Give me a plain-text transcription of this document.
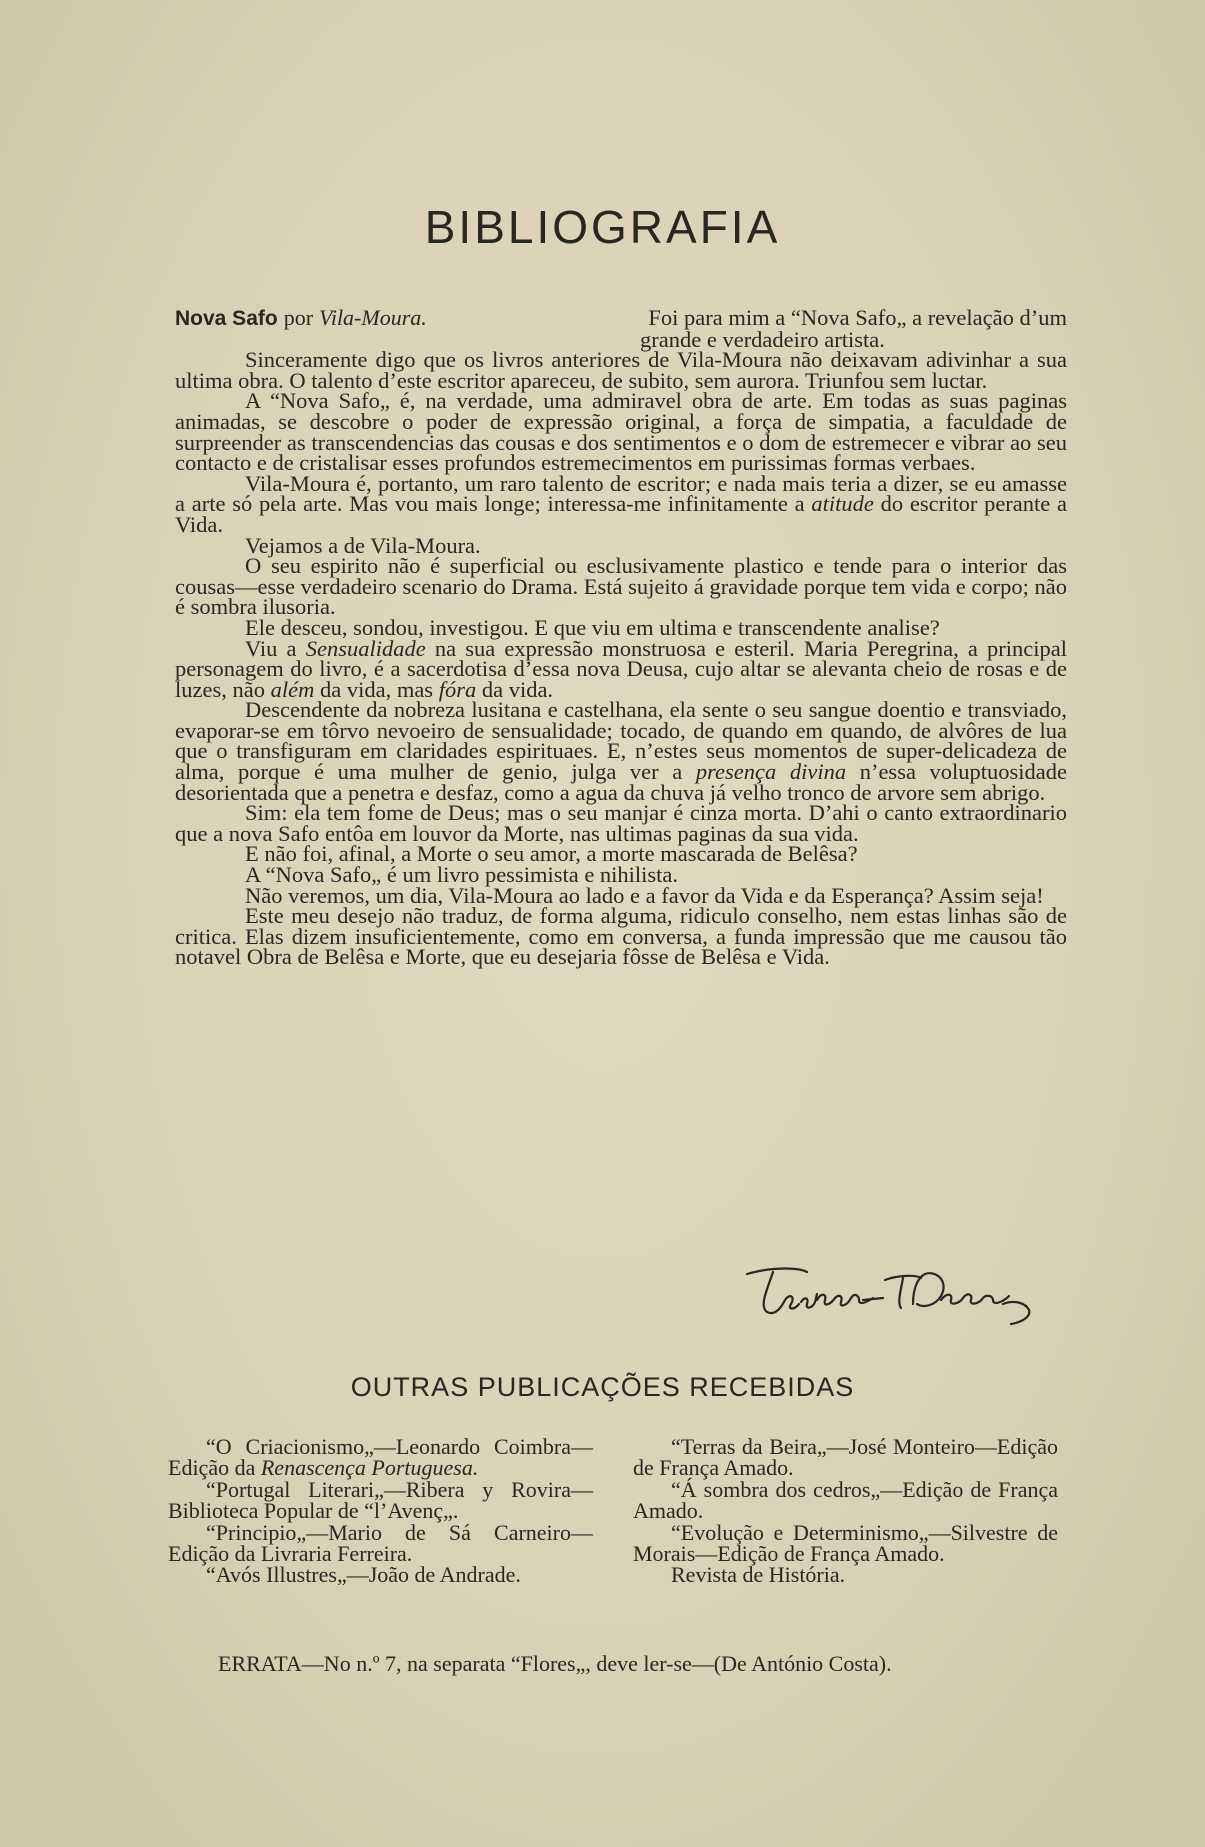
BIBLIOGRAFIA
Nova Safo por Vila-Moura.	Foi para mim a “Nova Safo„ a revelação d’um

grande e verdadeiro artista.

Sinceramente digo que os livros anteriores de Vila-Moura não deixavam adivinhar a sua ultima obra. O talento d’este escritor apareceu, de subito, sem aurora. Triunfou sem luctar.

A “Nova Safo„ é, na verdade, uma admiravel obra de arte. Em todas as suas paginas animadas, se descobre o poder de expressão original, a força de simpatia, a faculdade de surpreender as transcendencias das cousas e dos sentimentos e o dom de estremecer e vibrar ao seu contacto e de cristalisar esses profundos estremecimentos em purissimas formas verbaes.

Vila-Moura é, portanto, um raro talento de escritor; e nada mais teria a dizer, se eu amasse a arte só pela arte. Mas vou mais longe; interessa-me infinitamente a atitude do escritor perante a Vida.

Vejamos a de Vila-Moura.

O seu espirito não é superficial ou esclusivamente plastico e tende para o interior das cousas—esse verdadeiro scenario do Drama. Está sujeito á gravidade porque tem vida e corpo; não é sombra ilusoria.

Ele desceu, sondou, investigou. E que viu em ultima e transcendente analise?

Viu a Sensualidade na sua expressão monstruosa e esteril. Maria Peregrina, a principal personagem do livro, é a sacerdotisa d’essa nova Deusa, cujo altar se alevanta cheio de rosas e de luzes, não além da vida, mas fóra da vida.

Descendente da nobreza lusitana e castelhana, ela sente o seu sangue doentio e transviado, evaporar-se em tôrvo nevoeiro de sensualidade; tocado, de quando em quando, de alvôres de lua que o transfiguram em claridades espirituaes. E, n’estes seus momentos de super-delicadeza de alma, porque é uma mulher de genio, julga ver a presença divina n’essa voluptuosidade desorientada que a penetra e desfaz, como a agua da chuva já velho tronco de arvore sem abrigo.

Sim: ela tem fome de Deus; mas o seu manjar é cinza morta. D’ahi o canto extraordinario que a nova Safo entôa em louvor da Morte, nas ultimas paginas da sua vida.

E não foi, afinal, a Morte o seu amor, a morte mascarada de Belêsa?

A “Nova Safo„ é um livro pessimista e nihilista.

Não veremos, um dia, Vila-Moura ao lado e a favor da Vida e da Esperança? Assim seja!

Este meu desejo não traduz, de forma alguma, ridiculo conselho, nem estas linhas são de critica. Elas dizem insuficientemente, como em conversa, a funda impressão que me causou tão notavel Obra de Belêsa e Morte, que eu desejaria fôsse de Belêsa e Vida.

OUTRAS PUBLICAÇÕES RECEBIDAS

“O Criacionismo„—Leonardo Coimbra—Edição da Renascença Portuguesa.

“Portugal Literari„—Ribera y Rovira—Biblioteca Popular de “l’Avenç„.

“Principio„—Mario de Sá Carneiro—Edição da Livraria Ferreira.

“Avós Illustres„—João de Andrade.

“Terras da Beira„—José Monteiro—Edição de França Amado.

“Á sombra dos cedros„—Edição de França Amado.

“Evolução e Determinismo„—Silvestre de Morais—Edição de França Amado.

Revista de História.

ERRATA—No n.º 7, na separata “Flores„, deve ler-se—(De António Costa).
